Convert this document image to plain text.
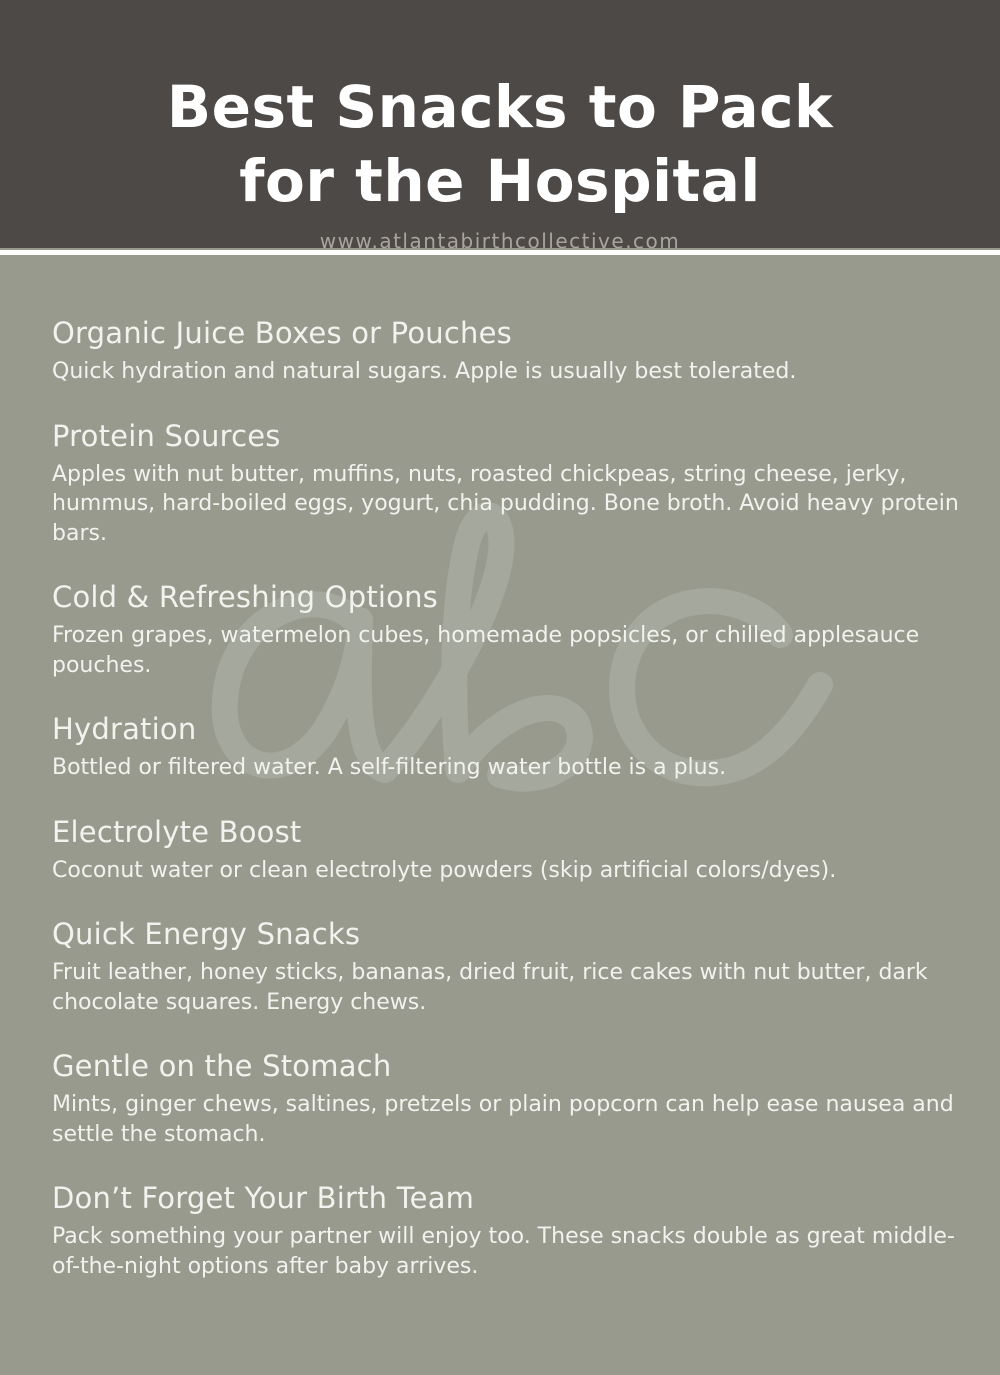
Best Snacks to Pack
for the Hospital
www.atlantabirthcollective.com
Organic Juice Boxes or Pouches

Quick hydration and natural sugars. Apple is usually best tolerated.

Protein Sources

Apples with nut butter, muffins, nuts, roasted chickpeas, string cheese, jerky, hummus, hard-boiled eggs, yogurt, chia pudding. Bone broth. Avoid heavy protein bars.

Cold & Refreshing Options

Frozen grapes, watermelon cubes, homemade popsicles, or chilled applesauce pouches.

Hydration

Bottled or filtered water. A self-filtering water bottle is a plus.

Electrolyte Boost

Coconut water or clean electrolyte powders (skip artificial colors/dyes).

Quick Energy Snacks

Fruit leather, honey sticks, bananas, dried fruit, rice cakes with nut butter, dark chocolate squares. Energy chews.

Gentle on the Stomach

Mints, ginger chews, saltines, pretzels or plain popcorn can help ease nausea and settle the stomach.

Don’t Forget Your Birth Team

Pack something your partner will enjoy too. These snacks double as great middle-of-the-night options after baby arrives.
